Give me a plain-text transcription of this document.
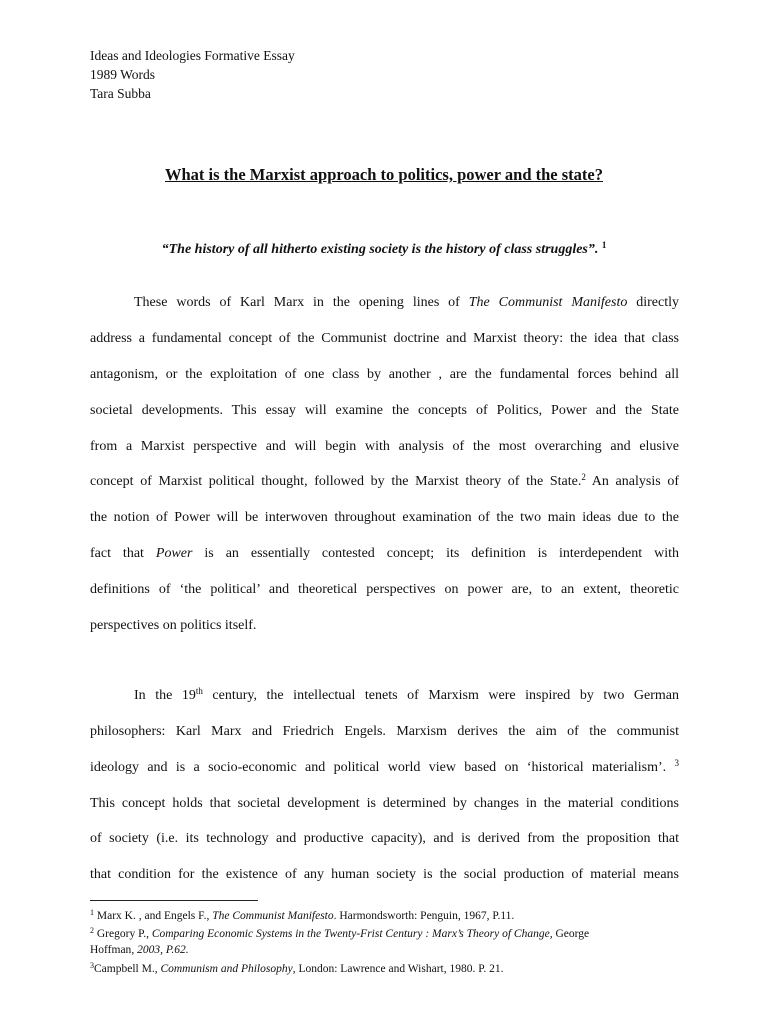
Ideas and Ideologies Formative Essay
1989 Words
Tara Subba
What is the Marxist approach to politics, power and the state?
“The history of all hitherto existing society is the history of class struggles”. $^1$
These words of Karl Marx in the opening lines of The Communist Manifesto directly
address a fundamental concept of the Communist doctrine and Marxist theory: the idea that class
antagonism, or the exploitation of one class by another , are the fundamental forces behind all
societal developments. This essay will examine the concepts of Politics, Power and the State
from a Marxist perspective and will begin with analysis of the most overarching and elusive
concept of Marxist political thought, followed by the Marxist theory of the State.$^2$ An analysis of
the notion of Power will be interwoven throughout examination of the two main ideas due to the
fact that Power is an essentially contested concept; its definition is interdependent with
definitions of ‘the political’ and theoretical perspectives on power are, to an extent, theoretic
perspectives on politics itself.
In the 19th century, the intellectual tenets of Marxism were inspired by two German
philosophers: Karl Marx and Friedrich Engels. Marxism derives the aim of the communist
ideology and is a socio-economic and political world view based on ‘historical materialism’. $^3$
This concept holds that societal development is determined by changes in the material conditions
of society (i.e. its technology and productive capacity), and is derived from the proposition that
that condition for the existence of any human society is the social production of material means
$^1$ Marx K. , and Engels F., The Communist Manifesto. Harmondsworth: Penguin, 1967, P.11.
$^2$ Gregory P., Comparing Economic Systems in the Twenty-Frist Century : Marx’s Theory of Change, George
Hoffman, 2003, P.62.
$^3$Campbell M., Communism and Philosophy, London: Lawrence and Wishart, 1980. P. 21.
